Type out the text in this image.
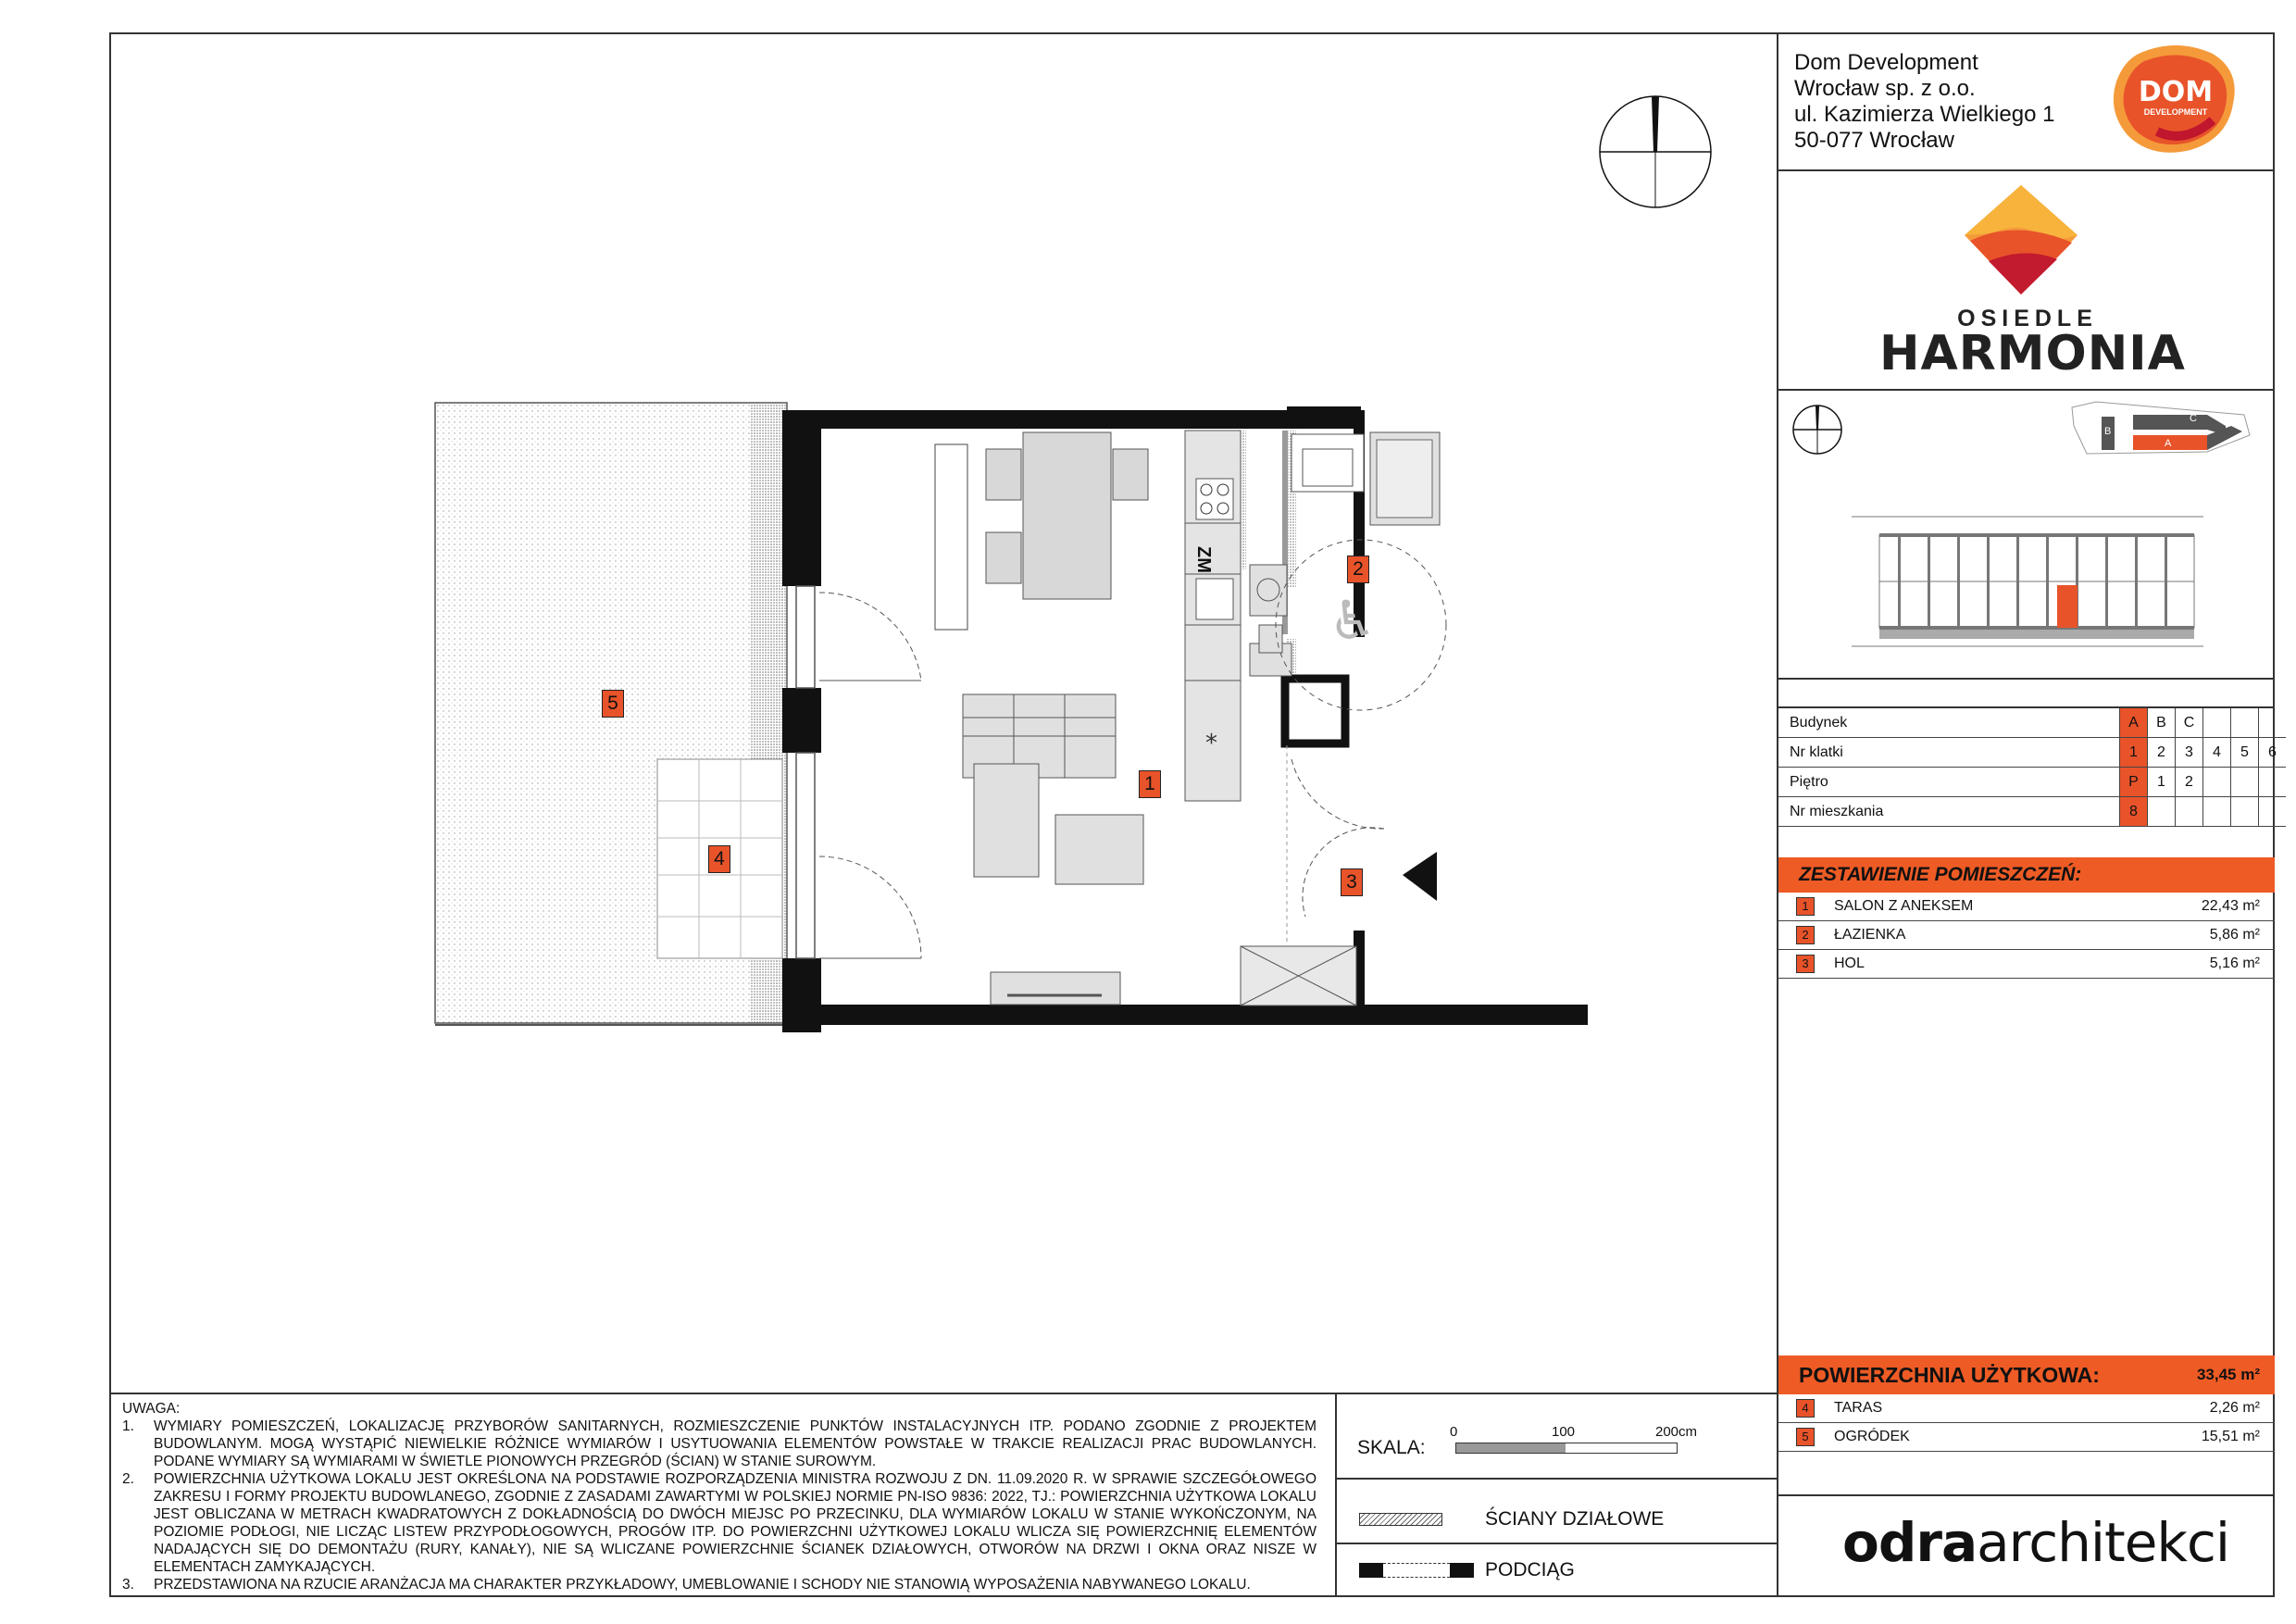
Dom Development
Wrocław sp. z o.o.
ul. Kazimierza Wielkiego 1
50-077 Wrocław
DOM
DEVELOPMENT
OSIEDLE
HARMONIA
B
C
A
Budynek	A	B	C			
Nr klatki	1	2	3	4	5	6
Piętro	P	1	2			
Nr mieszkania	8					
ZESTAWIENIE POMIESZCZEŃ:
1	SALON Z ANEKSEM	22,43 m²
2	ŁAZIENKA	5,86 m²
3	HOL	5,16 m²
POWIERZCHNIA UŻYTKOWA:	33,45 m²
4	TARAS	2,26 m²
5	OGRÓDEK	15,51 m²
odraarchitekci
*
♿
ZM
1
2
3
4
5
UWAGA:
1.	WYMIARY POMIESZCZEŃ, LOKALIZACJĘ PRZYBORÓW SANITARNYCH, ROZMIESZCZENIE PUNKTÓW INSTALACYJNYCH ITP. PODANO ZGODNIE Z PROJEKTEM BUDOWLANYM. MOGĄ WYSTĄPIĆ NIEWIELKIE RÓŻNICE WYMIARÓW I USYTUOWANIA ELEMENTÓW POWSTAŁE W TRAKCIE REALIZACJI PRAC BUDOWLANYCH. PODANE WYMIARY SĄ WYMIARAMI W ŚWIETLE PIONOWYCH PRZEGRÓD (ŚCIAN) W STANIE SUROWYM.
2.	POWIERZCHNIA UŻYTKOWA LOKALU JEST OKREŚLONA NA PODSTAWIE ROZPORZĄDZENIA MINISTRA ROZWOJU Z DN. 11.09.2020 R. W SPRAWIE SZCZEGÓŁOWEGO ZAKRESU I FORMY PROJEKTU BUDOWLANEGO, ZGODNIE Z ZASADAMI ZAWARTYMI W POLSKIEJ NORMIE PN-ISO 9836: 2022, TJ.: POWIERZCHNIA UŻYTKOWA LOKALU JEST OBLICZANA W METRACH KWADRATOWYCH Z DOKŁADNOŚCIĄ DO DWÓCH MIEJSC PO PRZECINKU, DLA WYMIARÓW LOKALU W STANIE WYKOŃCZONYM, NA POZIOMIE PODŁOGI, NIE LICZĄC LISTEW PRZYPODŁOGOWYCH, PROGÓW ITP. DO POWIERZCHNI UŻYTKOWEJ LOKALU WLICZA SIĘ POWIERZCHNIĘ ELEMENTÓW NADAJĄCYCH SIĘ DO DEMONTAŻU (RURY, KANAŁY), NIE SĄ WLICZANE POWIERZCHNIE ŚCIANEK DZIAŁOWYCH, OTWORÓW NA DRZWI I OKNA ORAZ NISZE W ELEMENTACH ZAMYKAJĄCYCH.
3.	PRZEDSTAWIONA NA RZUCIE ARANŻACJA MA CHARAKTER PRZYKŁADOWY, UMEBLOWANIE I SCHODY NIE STANOWIĄ WYPOSAŻENIA NABYWANEGO LOKALU.
SKALA:
0	100	200cm
ŚCIANY DZIAŁOWE
PODCIĄG
